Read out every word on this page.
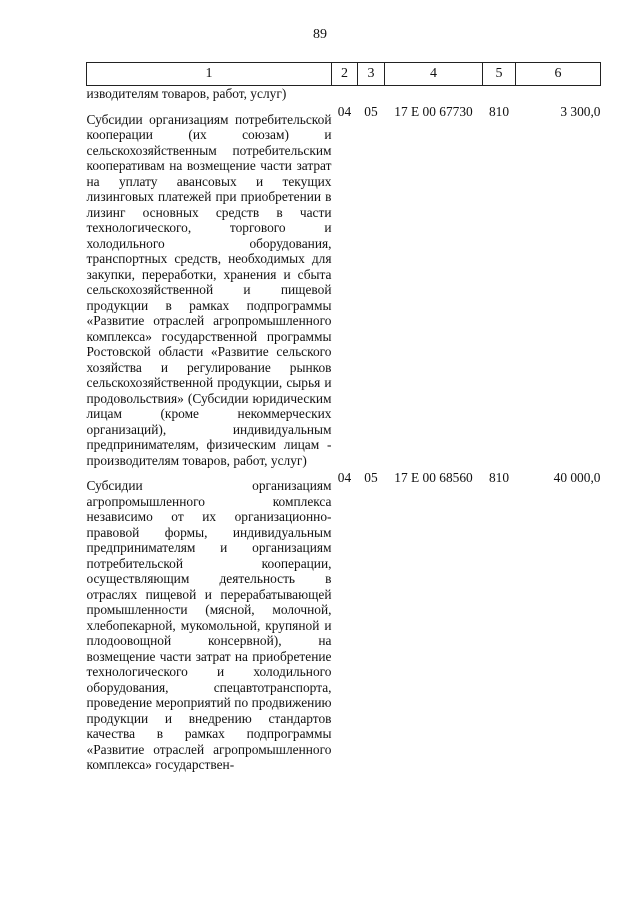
89
1	2	3	4	5	6
изводителям товаров, работ, услуг)					
Субсидии организациям потребительской кооперации (их союзам) и сельскохозяйственным потребительским кооперативам на возмещение части затрат на уплату авансовых и текущих лизинговых платежей при приобретении в лизинг основных средств в части технологического, торгового и холодильного оборудования, транспортных средств, необходимых для закупки, переработки, хранения и сбыта сельскохозяйственной и пищевой продукции в рамках подпрограммы «Развитие отраслей агропромышленного комплекса» государственной программы Ростовской области «Развитие сельского хозяйства и регулирование рынков сельскохозяйственной продукции, сырья и продовольствия» (Субсидии юридическим лицам (кроме некоммерческих организаций), индивидуальным предпринимателям, физическим лицам - производителям товаров, работ, услуг)	04	05	17 Е 00 67730	810	3 300,0
Субсидии организациям агропромышленного комплекса независимо от их организационно-правовой формы, индивидуальным предпринимателям и организациям потребительской кооперации, осуществляющим деятельность в отраслях пищевой и перерабатывающей промышленности (мясной, молочной, хлебопекарной, мукомольной, крупяной и плодоовощной консервной), на возмещение части затрат на приобретение технологического и холодильного оборудования, спецавтотранспорта, проведение мероприятий по продвижению продукции и внедрению стандартов качества в рамках подпрограммы «Развитие отраслей агропромышленного комплекса» государствен-	04	05	17 Е 00 68560	810	40 000,0
